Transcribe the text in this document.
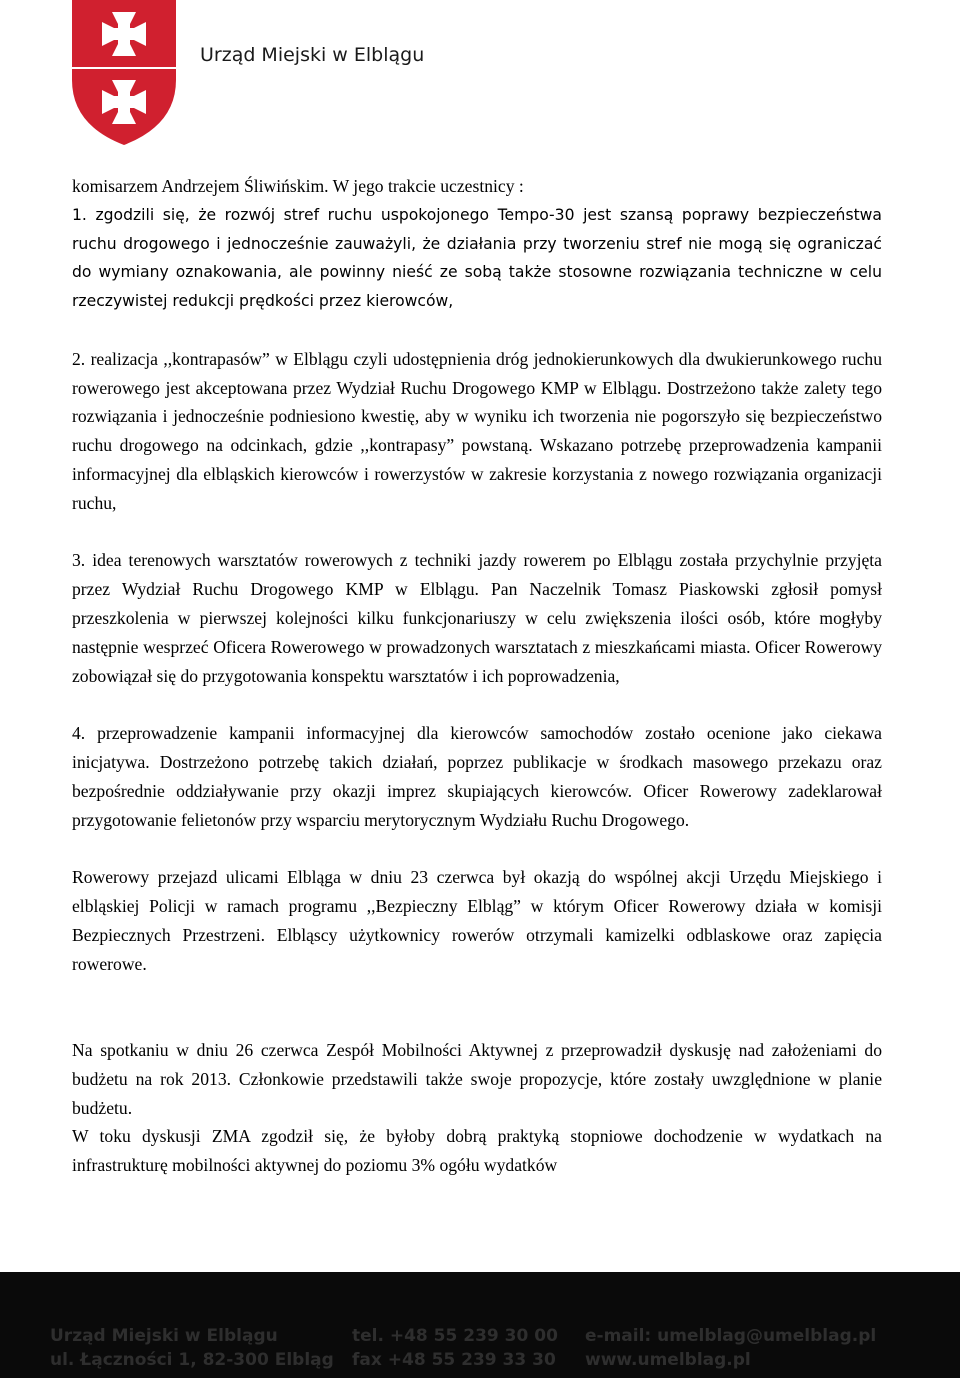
Urząd Miejski w Elblągu

komisarzem Andrzejem Śliwińskim. W jego trakcie uczestnicy :

1. zgodzili się, że rozwój stref ruchu uspokojonego Tempo-30 jest szansą poprawy bezpieczeństwa ruchu drogowego i jednocześnie zauważyli, że działania przy tworzeniu stref nie mogą się ograniczać do wymiany oznakowania, ale powinny nieść ze sobą także stosowne rozwiązania techniczne w celu rzeczywistej redukcji prędkości przez kierowców,

2. realizacja ,,kontrapasów” w Elblągu czyli udostępnienia dróg jednokierunkowych dla dwukierunkowego ruchu rowerowego jest akceptowana przez Wydział Ruchu Drogowego KMP w Elblągu. Dostrzeżono także zalety tego rozwiązania i jednocześnie podniesiono kwestię, aby w wyniku ich tworzenia nie pogorszyło się bezpieczeństwo ruchu drogowego na odcinkach, gdzie ,,kontrapasy” powstaną. Wskazano potrzebę przeprowadzenia kampanii informacyjnej dla elbląskich kierowców i rowerzystów w zakresie korzystania z nowego rozwiązania organizacji ruchu,

3. idea terenowych warsztatów rowerowych z techniki jazdy rowerem po Elblągu została przychylnie przyjęta przez Wydział Ruchu Drogowego KMP w Elblągu. Pan Naczelnik Tomasz Piaskowski zgłosił pomysł przeszkolenia w pierwszej kolejności kilku funkcjonariuszy w celu zwiększenia ilości osób, które mogłyby następnie wesprzeć Oficera Rowerowego w prowadzonych warsztatach z mieszkańcami miasta. Oficer Rowerowy zobowiązał się do przygotowania konspektu warsztatów i ich poprowadzenia,

4. przeprowadzenie kampanii informacyjnej dla kierowców samochodów zostało ocenione jako ciekawa inicjatywa. Dostrzeżono potrzebę takich działań, poprzez publikacje w środkach masowego przekazu oraz bezpośrednie oddziaływanie przy okazji imprez skupiających kierowców. Oficer Rowerowy zadeklarował przygotowanie felietonów przy wsparciu merytorycznym Wydziału Ruchu Drogowego.

Rowerowy przejazd ulicami Elbląga w dniu 23 czerwca był okazją do wspólnej akcji Urzędu Miejskiego i elbląskiej Policji w ramach programu ,,Bezpieczny Elbląg” w którym Oficer Rowerowy działa w komisji Bezpiecznych Przestrzeni. Elbląscy użytkownicy rowerów otrzymali kamizelki odblaskowe oraz zapięcia rowerowe.

Na spotkaniu w dniu 26 czerwca Zespół Mobilności Aktywnej z przeprowadził dyskusję nad założeniami do budżetu na rok 2013. Członkowie przedstawili także swoje propozycje, które zostały uwzględnione w planie budżetu.

W toku dyskusji ZMA zgodził się, że byłoby dobrą praktyką stopniowe dochodzenie w wydatkach na infrastrukturę mobilności aktywnej do poziomu 3% ogółu wydatków

Urząd Miejski w Elblągu
ul. Łączności 1, 82-300 Elbląg
tel. +48 55 239 30 00
fax +48 55 239 33 30
e-mail: umelblag@umelblag.pl
www.umelblag.pl
